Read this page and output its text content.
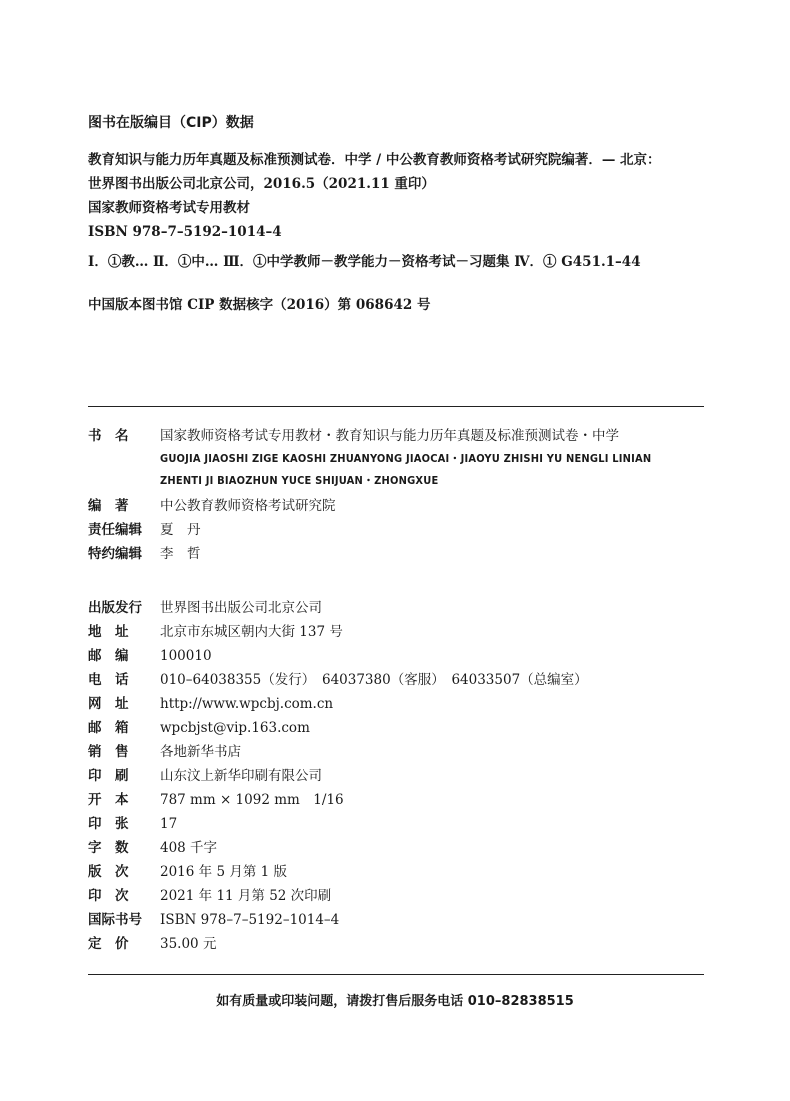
图书在版编目（CIP）数据
教育知识与能力历年真题及标准预测试卷．中学 / 中公教育教师资格考试研究院编著．— 北京：
世界图书出版公司北京公司，2016.5（2021.11 重印）
国家教师资格考试专用教材
ISBN 978–7–5192–1014–4
Ⅰ．①教… Ⅱ．①中… Ⅲ．①中学教师－教学能力－资格考试－习题集 Ⅳ．① G451.1–44
中国版本图书馆 CIP 数据核字（2016）第 068642 号
书　名	国家教师资格考试专用教材・教育知识与能力历年真题及标准预测试卷・中学
GUOJIA JIAOSHI ZIGE KAOSHI ZHUANYONG JIAOCAI・JIAOYU ZHISHI YU NENGLI LINIAN
ZHENTI JI BIAOZHUN YUCE SHIJUAN・ZHONGXUE
编　著	中公教育教师资格考试研究院
责任编辑	夏　丹
特约编辑	李　哲
出版发行	世界图书出版公司北京公司
地　址	北京市东城区朝内大街 137 号
邮　编	100010
电　话	010–64038355（发行）　64037380（客服）　64033507（总编室）
网　址	http://www.wpcbj.com.cn
邮　箱	wpcbjst@vip.163.com
销　售	各地新华书店
印　刷	山东汶上新华印刷有限公司
开　本	787 mm × 1092 mm　1/16
印　张	17
字　数	408 千字
版　次	2016 年 5 月第 1 版
印　次	2021 年 11 月第 52 次印刷
国际书号	ISBN 978–7–5192–1014–4
定　价	35.00 元
如有质量或印装问题，请拨打售后服务电话 010–82838515
